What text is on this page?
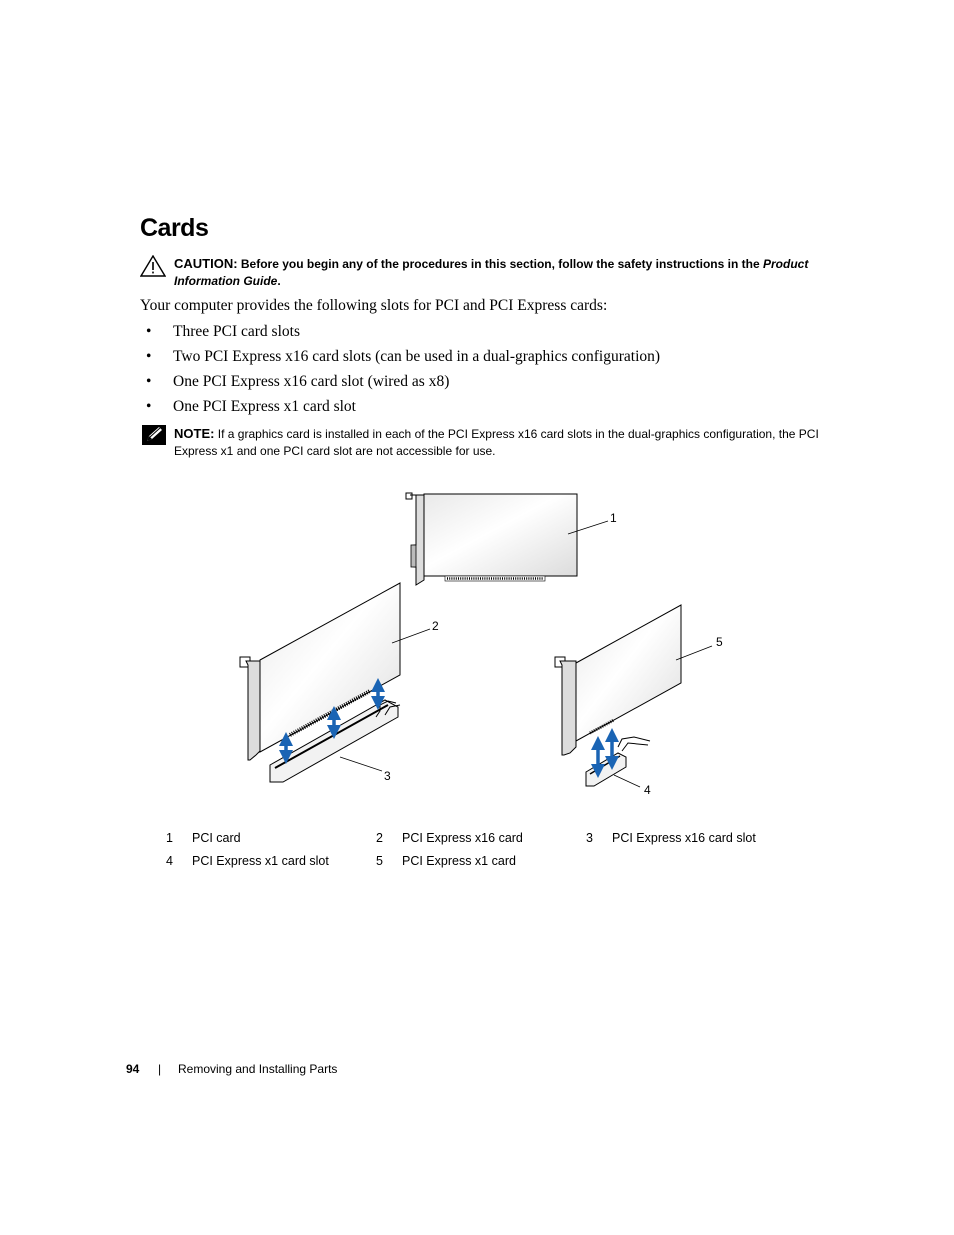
Cards
CAUTION: Before you begin any of the procedures in this section, follow the safety instructions in the Product Information Guide.
Your computer provides the following slots for PCI and PCI Express cards:
• Three PCI card slots
• Two PCI Express x16 card slots (can be used in a dual-graphics configuration)
• One PCI Express x16 card slot (wired as x8)
• One PCI Express x1 card slot
NOTE: If a graphics card is installed in each of the PCI Express x16 card slots in the dual-graphics configuration, the PCI Express x1 and one PCI card slot are not accessible for use.
1
2
3
5
4
1	PCI card	2	PCI Express x16 card	3	PCI Express x16 card slot
4	PCI Express x1 card slot	5	PCI Express x1 card		
94 | Removing and Installing Parts
